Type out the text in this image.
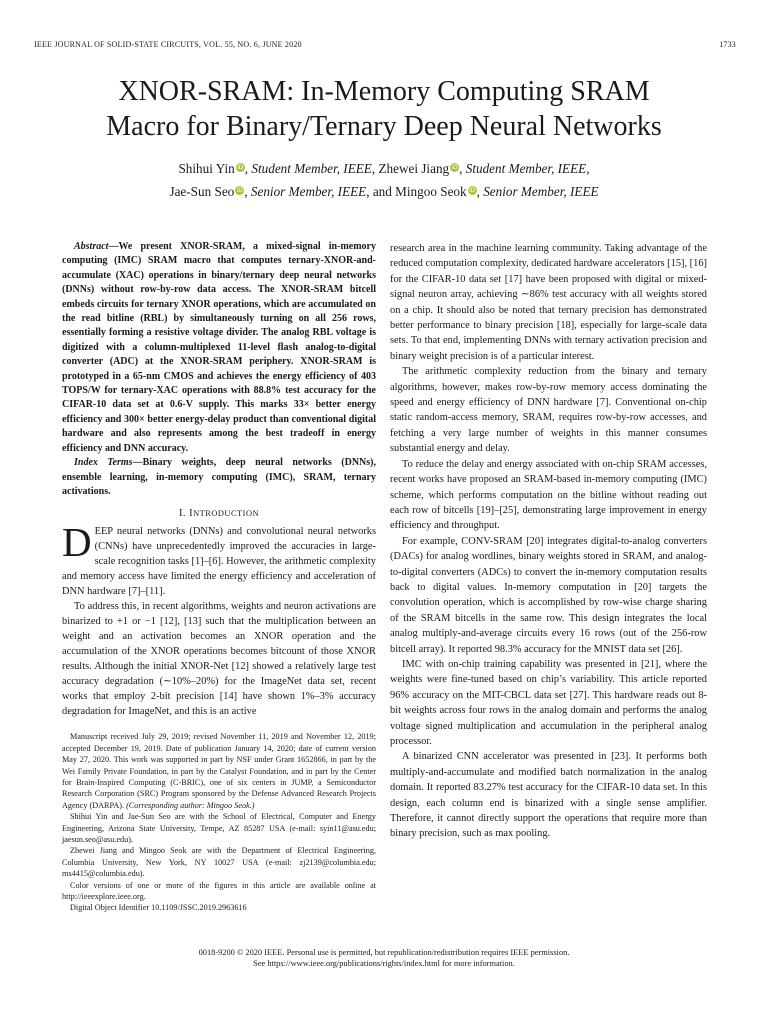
IEEE JOURNAL OF SOLID-STATE CIRCUITS, VOL. 55, NO. 6, JUNE 2020	1733
XNOR-SRAM: In-Memory Computing SRAM
Macro for Binary/Ternary Deep Neural Networks
Shihui Yin iD, Student Member, IEEE, Zhewei Jiang iD, Student Member, IEEE,
Jae-Sun Seo iD, Senior Member, IEEE, and Mingoo Seok iD, Senior Member, IEEE

Abstract—We present XNOR-SRAM, a mixed-signal in-memory computing (IMC) SRAM macro that computes ternary-XNOR-and-accumulate (XAC) operations in binary/ternary deep neural networks (DNNs) without row-by-row data access. The XNOR-SRAM bitcell embeds circuits for ternary XNOR operations, which are accumulated on the read bitline (RBL) by simultaneously turning on all 256 rows, essentially forming a resistive voltage divider. The analog RBL voltage is digitized with a column-multiplexed 11-level flash analog-to-digital converter (ADC) at the XNOR-SRAM periphery. XNOR-SRAM is prototyped in a 65-nm CMOS and achieves the energy efficiency of 403 TOPS/W for ternary-XAC operations with 88.8% test accuracy for the CIFAR-10 data set at 0.6-V supply. This marks 33× better energy efficiency and 300× better energy-delay product than conventional digital hardware and also represents among the best tradeoff in energy efficiency and DNN accuracy.

Index Terms—Binary weights, deep neural networks (DNNs), ensemble learning, in-memory computing (IMC), SRAM, ternary activations.

I. INTRODUCTION

DEEP neural networks (DNNs) and convolutional neural networks (CNNs) have unprecedentedly improved the accuracies in large-scale recognition tasks [1]–[6]. However, the arithmetic complexity and memory access have limited the energy efficiency and acceleration of DNN hardware [7]–[11].

To address this, in recent algorithms, weights and neuron activations are binarized to +1 or −1 [12], [13] such that the multiplication between an weight and an activation becomes an XNOR operation and the accumulation of the XNOR operations becomes bitcount of those XNOR results. Although the initial XNOR-Net [12] showed a relatively large test accuracy degradation (∼10%–20%) for the ImageNet data set, recent works that employ 2-bit precision [14] have shown 1%–3% accuracy degradation for ImageNet, and this is an active

Manuscript received July 29, 2019; revised November 11, 2019 and November 12, 2019; accepted December 19, 2019. Date of publication January 14, 2020; date of current version May 27, 2020. This work was supported in part by NSF under Grant 1652866, in part by the Wei Family Private Foundation, in part by the Catalyst Foundation, and in part by the Center for Brain-Inspired Computing (C-BRIC), one of six centers in JUMP, a Semiconductor Research Corporation (SRC) Program sponsored by the Defense Advanced Research Projects Agency (DARPA). (Corresponding author: Mingoo Seok.)

Shihui Yin and Jae-Sun Seo are with the School of Electrical, Computer and Energy Engineering, Arizona State University, Tempe, AZ 85287 USA (e-mail: syin11@asu.edu; jaesun.seo@asu.edu).

Zhewei Jiang and Mingoo Seok are with the Department of Electrical Engineering, Columbia University, New York, NY 10027 USA (e-mail: zj2139@columbia.edu; ms4415@columbia.edu).

Color versions of one or more of the figures in this article are available online at http://ieeexplore.ieee.org.

Digital Object Identifier 10.1109/JSSC.2019.2963616

research area in the machine learning community. Taking advantage of the reduced computation complexity, dedicated hardware accelerators [15], [16] for the CIFAR-10 data set [17] have been proposed with digital or mixed-signal neuron array, achieving ∼86% test accuracy with all weights stored on a chip. It should also be noted that ternary precision has demonstrated better performance to binary precision [18], especially for large-scale data sets. To that end, implementing DNNs with ternary activation precision and binary weight precision is of a particular interest.

The arithmetic complexity reduction from the binary and ternary algorithms, however, makes row-by-row memory access dominating the speed and energy efficiency of DNN hardware [7]. Conventional on-chip static random-access memory, SRAM, requires row-by-row accesses, and fetching a very large number of weights in this manner consumes substantial energy and delay.

To reduce the delay and energy associated with on-chip SRAM accesses, recent works have proposed an SRAM-based in-memory computing (IMC) scheme, which performs computation on the bitline without reading out each row of bitcells [19]–[25], demonstrating large improvement in energy efficiency and throughput.

For example, CONV-SRAM [20] integrates digital-to-analog converters (DACs) for analog wordlines, binary weights stored in SRAM, and analog-to-digital converters (ADCs) to convert the in-memory computation results back to digital values. In-memory computation in [20] targets the convolution operation, which is accomplished by row-wise charge sharing of the SRAM bitcells in the same row. This design integrates the local analog multiply-and-average circuits every 16 rows (out of the 256-row bitcell array). It reported 98.3% accuracy for the MNIST data set [26].

IMC with on-chip training capability was presented in [21], where the weights were fine-tuned based on chip’s variability. This article reported 96% accuracy on the MIT-CBCL data set [27]. This hardware reads out 8-bit weights across four rows in the analog domain and performs the analog voltage signed multiplication and accumulation in the peripheral analog processor.

A binarized CNN accelerator was presented in [23]. It performs both multiply-and-accumulate and modified batch normalization in the analog domain. It reported 83.27% test accuracy for the CIFAR-10 data set. In this design, each column end is binarized with a single sense amplifier. Therefore, it cannot directly support the operations that require more than binary precision, such as max pooling.

0018-9200 © 2020 IEEE. Personal use is permitted, but republication/redistribution requires IEEE permission.
See https://www.ieee.org/publications/rights/index.html for more information.
